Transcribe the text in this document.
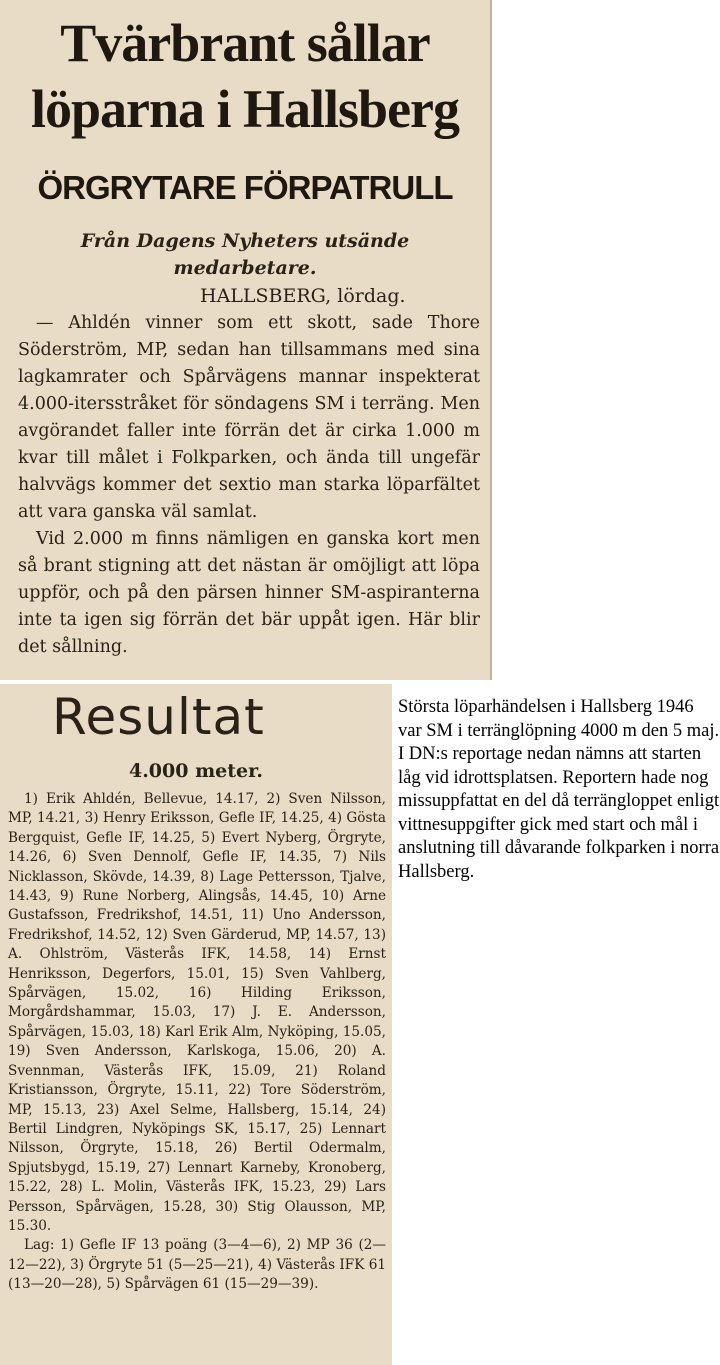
Tvärbrant sållar
löparna i Hallsberg
ÖRGRYTARE FÖRPATRULL
Från Dagens Nyheters utsände medarbetare.
HALLSBERG, lördag.

— Ahldén vinner som ett skott, sade Thore Söderström, MP, sedan han tillsammans med sina lagkamrater och Spårvägens mannar inspekterat 4.000-itersstråket för söndagens SM i terräng. Men avgörandet faller inte förrän det är cirka 1.000 m kvar till målet i Folkparken, och ända till ungefär halvvägs kommer det sextio man starka löparfältet att vara ganska väl samlat.

Vid 2.000 m finns nämligen en ganska kort men så brant stigning att det nästan är omöjligt att löpa uppför, och på den pärsen hinner SM-aspiranterna inte ta igen sig förrän det bär uppåt igen. Här blir det sållning.

Resultat
4.000 meter.

1) Erik Ahldén, Bellevue, 14.17, 2) Sven Nilsson, MP, 14.21, 3) Henry Eriksson, Gefle IF, 14.25, 4) Gösta Bergquist, Gefle IF, 14.25, 5) Evert Nyberg, Örgryte, 14.26, 6) Sven Dennolf, Gefle IF, 14.35, 7) Nils Nicklasson, Skövde, 14.39, 8) Lage Pettersson, Tjalve, 14.43, 9) Rune Norberg, Alingsås, 14.45, 10) Arne Gustafsson, Fredrikshof, 14.51, 11) Uno Andersson, Fredrikshof, 14.52, 12) Sven Gärderud, MP, 14.57, 13) A. Ohlström, Västerås IFK, 14.58, 14) Ernst Henriksson, Degerfors, 15.01, 15) Sven Vahlberg, Spårvägen, 15.02, 16) Hilding Eriksson, Morgårdshammar, 15.03, 17) J. E. Andersson, Spårvägen, 15.03, 18) Karl Erik Alm, Nyköping, 15.05, 19) Sven Andersson, Karlskoga, 15.06, 20) A. Svennman, Västerås IFK, 15.09, 21) Roland Kristiansson, Örgryte, 15.11, 22) Tore Söderström, MP, 15.13, 23) Axel Selme, Hallsberg, 15.14, 24) Bertil Lindgren, Nyköpings SK, 15.17, 25) Lennart Nilsson, Örgryte, 15.18, 26) Bertil Odermalm, Spjutsbygd, 15.19, 27) Lennart Karneby, Kronoberg, 15.22, 28) L. Molin, Västerås IFK, 15.23, 29) Lars Persson, Spårvägen, 15.28, 30) Stig Olausson, MP, 15.30.

Lag: 1) Gefle IF 13 poäng (3—4—6), 2) MP 36 (2—12—22), 3) Örgryte 51 (5—25—21), 4) Västerås IFK 61 (13—20—28), 5) Spårvägen 61 (15—29—39).

Största löparhändelsen i Hallsberg 1946 var SM i terränglöpning 4000 m den 5 maj.

I DN:s reportage nedan nämns att starten låg vid idrottsplatsen. Reportern hade nog missuppfattat en del då terrängloppet enligt vittnesuppgifter gick med start och mål i anslutning till dåvarande folkparken i norra Hallsberg.
